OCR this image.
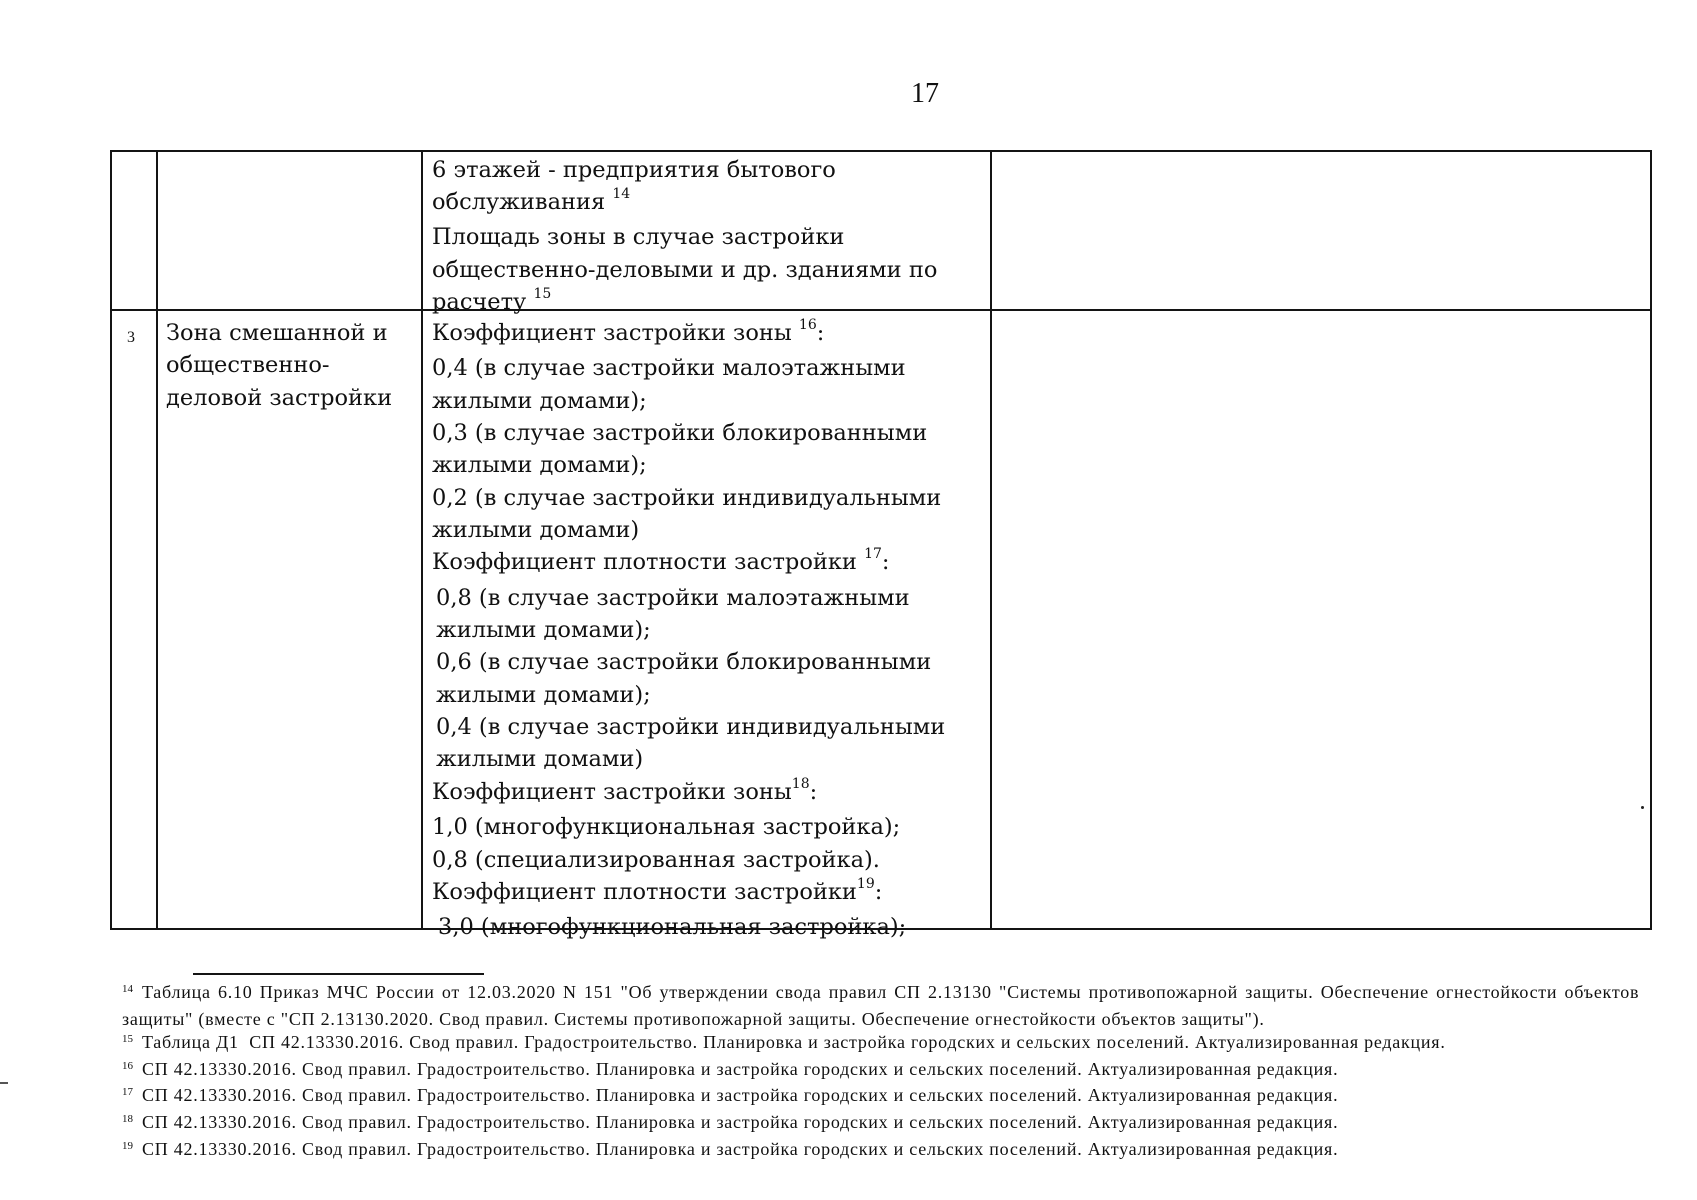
17
6 этажей - предприятия бытового
обслуживания $^{14}$
Площадь зоны в случае застройки
общественно-деловыми и др. зданиями по
расчету $^{15}$
3 Зона смешанной и
общественно-
деловой застройки
Коэффициент застройки зоны $^{16}$:
0,4 (в случае застройки малоэтажными
жилыми домами);
0,3 (в случае застройки блокированными
жилыми домами);
0,2 (в случае застройки индивидуальными
жилыми домами)
Коэффициент плотности застройки $^{17}$:
0,8 (в случае застройки малоэтажными
жилыми домами);
0,6 (в случае застройки блокированными
жилыми домами);
0,4 (в случае застройки индивидуальными
жилыми домами)
Коэффициент застройки зоны$^{18}$:
1,0 (многофункциональная застройка);
0,8 (специализированная застройка).
Коэффициент плотности застройки$^{19}$:
3,0 (многофункциональная застройка);
14 Таблица 6.10 Приказ МЧС России от 12.03.2020 N 151 "Об утверждении свода правил СП 2.13130 "Системы противопожарной защиты. Обеспечение огнестойкости объектов
защиты" (вместе с "СП 2.13130.2020. Свод правил. Системы противопожарной защиты. Обеспечение огнестойкости объектов защиты").
15 Таблица Д1  СП 42.13330.2016. Свод правил. Градостроительство. Планировка и застройка городских и сельских поселений. Актуализированная редакция.
16 СП 42.13330.2016. Свод правил. Градостроительство. Планировка и застройка городских и сельских поселений. Актуализированная редакция.
17 СП 42.13330.2016. Свод правил. Градостроительство. Планировка и застройка городских и сельских поселений. Актуализированная редакция.
18 СП 42.13330.2016. Свод правил. Градостроительство. Планировка и застройка городских и сельских поселений. Актуализированная редакция.
19 СП 42.13330.2016. Свод правил. Градостроительство. Планировка и застройка городских и сельских поселений. Актуализированная редакция.
